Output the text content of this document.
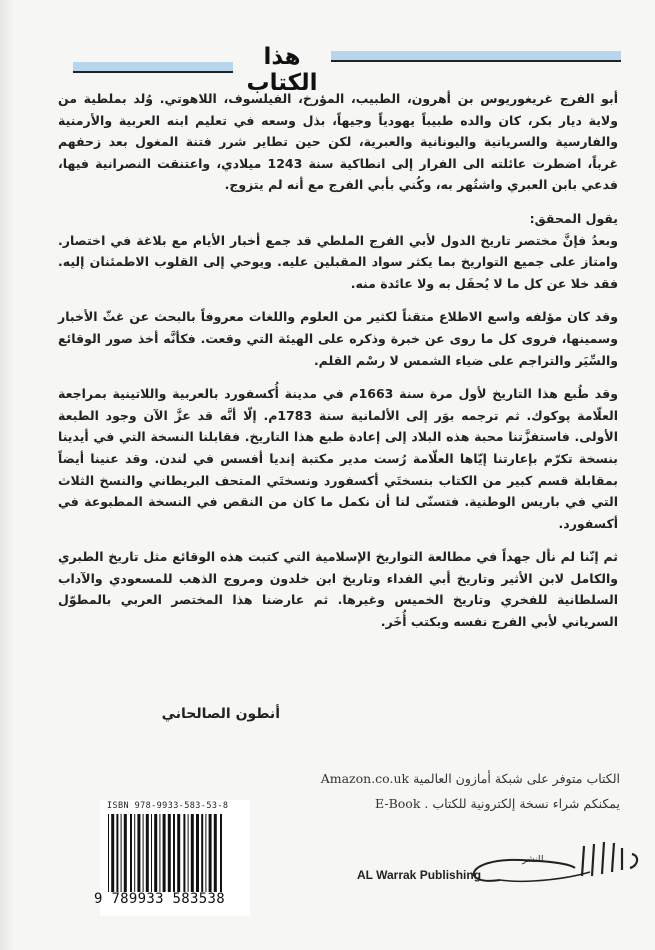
هذا الكتاب

أبو الفرج غريغوريوس بن أهرون، الطبيب، المؤرخ، الفيلسوف، اللاهوتي. وُلد بملطية من ولاية ديار بكر، كان والده طبيباً يهودياً وجيهاً، بذل وسعه في تعليم ابنه العربية والأرمنية والفارسية والسريانية واليونانية والعبرية، لكن حين تطاير شرر فتنة المغول بعد زحفهم غرباً، اضطرت عائلته الى الفرار إلى انطاكية سنة 1243 ميلادي، واعتنقت النصرانية فيها، فدعي بابن العبري واشتُهر به، وكُني بأبي الفرج مع أنه لم يتزوج.

يقول المحقق:

وبعدُ فإنَّ مختصر تاريخ الدول لأبي الفرج الملطي قد جمع أخبار الأيام مع بلاغة في اختصار. وامتاز على جميع التواريخ بما يكثر سواد المقبلين عليه. ويوحي إلى القلوب الاطمئنان إليه. فقد خلا عن كل ما لا يُحفَل به ولا عائدة منه.

وقد كان مؤلفه واسع الاطلاع متقناً لكثير من العلوم واللغات معروفاً بالبحث عن غثّ الأخبار وسمينها، فروى كل ما روى عن خبرة وذكره على الهيئة التي وقعت. فكأنَّه أخذ صور الوقائع والسِّيَر والتراجم على ضياء الشمس لا رسْم القلم.

وقد طُبع هذا التاريخ لأول مرة سنة 1663م في مدينة أُكسفورد بالعربية واللاتينية بمراجعة العلّامة پوكوك. ثم ترجمه بوَر إلى الألمانية سنة 1783م. إلّا أنَّه قد عزَّ الآن وجود الطبعة الأولى. فاستفزَّتنا محبة هذه البلاد إلى إعادة طبع هذا التاريخ. فقابلنا النسخة التي في أيدينا بنسخة تكرّم بإعارتنا إيّاها العلّامة رُست مدير مكتبة إنديا أفسس في لندن. وقد عنينا أيضاً بمقابلة قسم كبير من الكتاب بنسختَي أكسفورد ونسختَي المتحف البريطاني والنسخ الثلاث التي في باريس الوطنية. فتسنّى لنا أن نكمل ما كان من النقص في النسخة المطبوعة في أكسفورد.

ثم إنّنا لم نأل جهداً في مطالعة التواريخ الإسلامية التي كتبت هذه الوقائع مثل تاريخ الطبري والكامل لابن الأثير وتاريخ أبي الفداء وتاريخ ابن خلدون ومروج الذهب للمسعودي والآداب السلطانية للفخري وتاريخ الخميس وغيرها. ثم عارضنا هذا المختصر العربي بالمطوّل السرياني لأبي الفرج نفسه وبكتب أُخَر.

أنطون الصالحاني
الكتاب متوفر على شبكة أمازون العالمية Amazon.co.uk
يمكنكم شراء نسخة إلكترونية للكتاب . E-Book
ISBN 978-9933-583-53-8
9 789933 583538
AL Warrak Publishing
للنشر
